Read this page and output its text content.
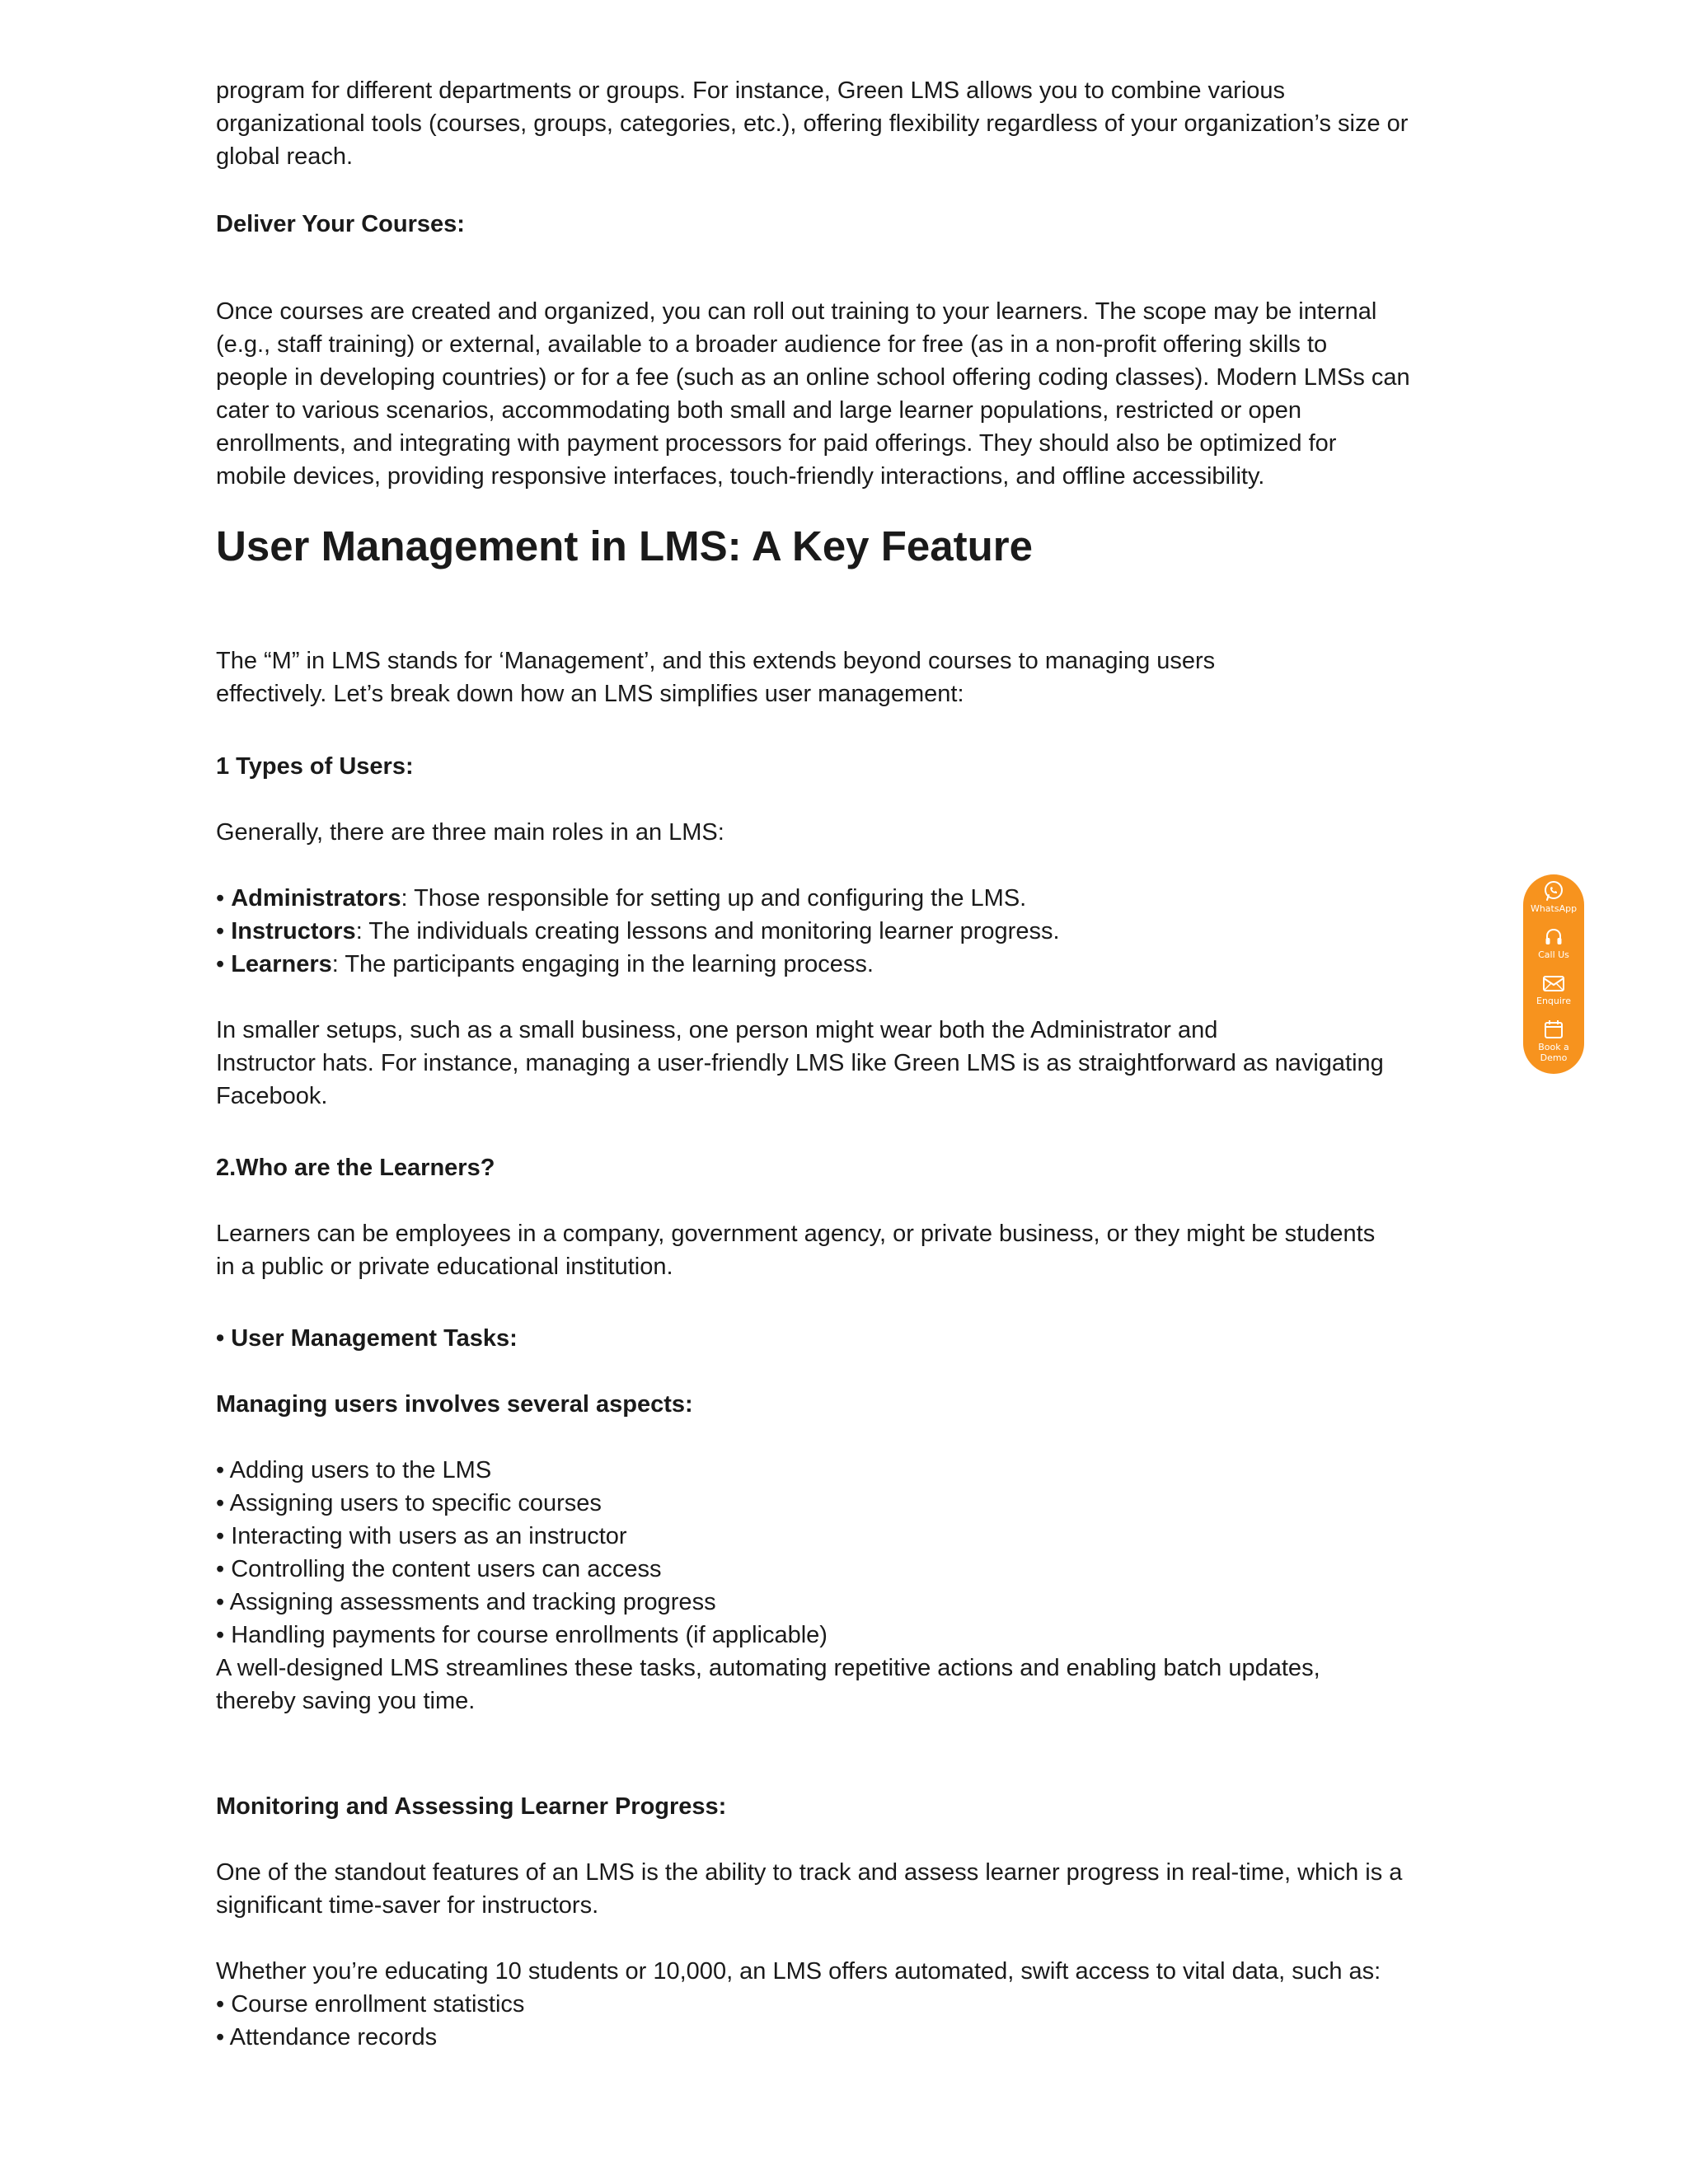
program for different departments or groups. For instance, Green LMS allows you to combine various
organizational tools (courses, groups, categories, etc.), offering flexibility regardless of your organization’s size or
global reach.

Deliver Your Courses:

Once courses are created and organized, you can roll out training to your learners. The scope may be internal
(e.g., staff training) or external, available to a broader audience for free (as in a non-profit offering skills to
people in developing countries) or for a fee (such as an online school offering coding classes). Modern LMSs can
cater to various scenarios, accommodating both small and large learner populations, restricted or open
enrollments, and integrating with payment processors for paid offerings. They should also be optimized for
mobile devices, providing responsive interfaces, touch-friendly interactions, and offline accessibility.

User Management in LMS: A Key Feature

The “M” in LMS stands for ‘Management’, and this extends beyond courses to managing users
effectively. Let’s break down how an LMS simplifies user management:

1 Types of Users:

Generally, there are three main roles in an LMS:

• Administrators: Those responsible for setting up and configuring the LMS.
• Instructors: The individuals creating lessons and monitoring learner progress.
• Learners: The participants engaging in the learning process.

In smaller setups, such as a small business, one person might wear both the Administrator and
Instructor hats. For instance, managing a user-friendly LMS like Green LMS is as straightforward as navigating
Facebook.

2.Who are the Learners?

Learners can be employees in a company, government agency, or private business, or they might be students
in a public or private educational institution.

• User Management Tasks:

Managing users involves several aspects:

• Adding users to the LMS
• Assigning users to specific courses
• Interacting with users as an instructor
• Controlling the content users can access
• Assigning assessments and tracking progress
• Handling payments for course enrollments (if applicable)
A well-designed LMS streamlines these tasks, automating repetitive actions and enabling batch updates,
thereby saving you time.

Monitoring and Assessing Learner Progress:

One of the standout features of an LMS is the ability to track and assess learner progress in real-time, which is a
significant time-saver for instructors.

Whether you’re educating 10 students or 10,000, an LMS offers automated, swift access to vital data, such as:
• Course enrollment statistics
• Attendance records

WhatsApp
Call Us
Enquire
Book a Demo
